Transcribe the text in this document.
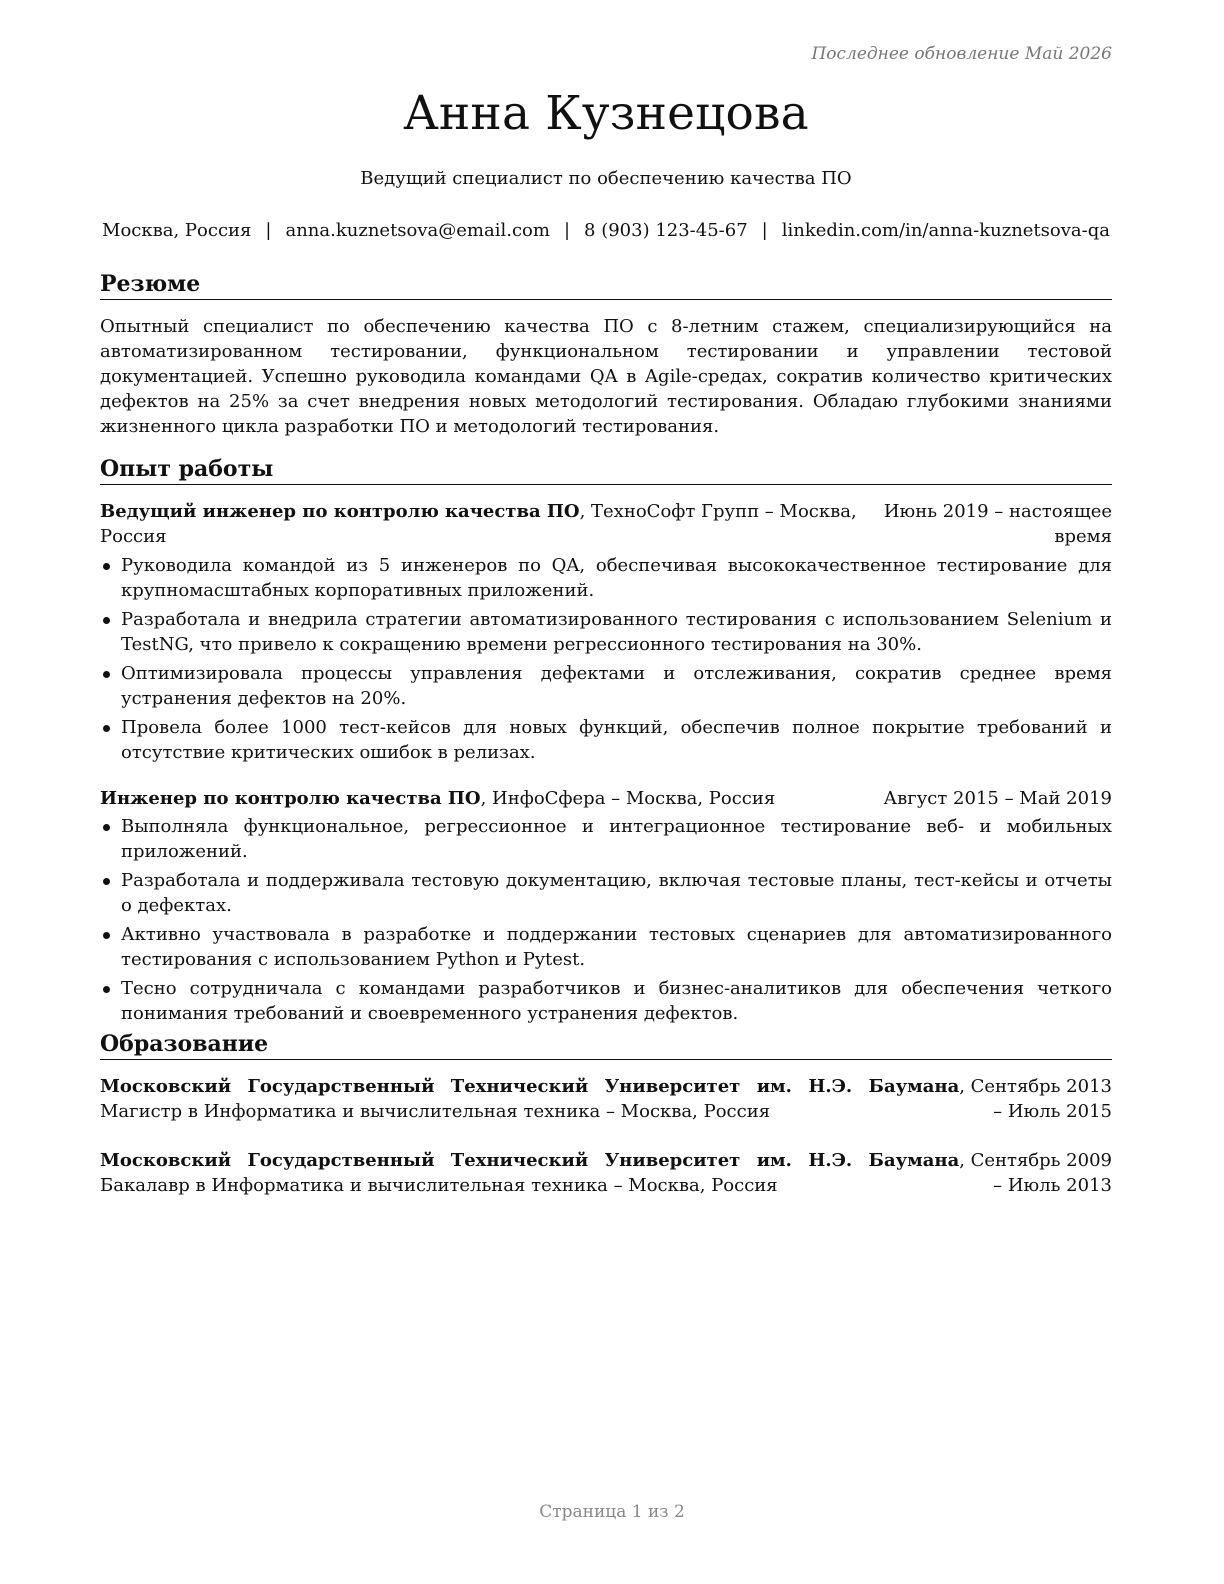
Последнее обновление Май 2026
Анна Кузнецова
Ведущий специалист по обеспечению качества ПО
Москва, Россия | anna.kuznetsova@email.com | 8 (903) 123-45-67 | linkedin.com/in/anna-kuznetsova-qa
Резюме

Опытный специалист по обеспечению качества ПО с 8-летним стажем, специализирующийся на автоматизированном тестировании, функциональном тестировании и управлении тестовой документацией. Успешно руководила командами QA в Agile-средах, сократив количество критических дефектов на 25% за счет внедрения новых методологий тестирования. Обладаю глубокими знаниями жизненного цикла разработки ПО и методологий тестирования.

Опыт работы
Ведущий инженер по контролю качества ПО, ТехноСофт Групп – Москва, Россия
Июнь 2019 – настоящее время
Руководила командой из 5 инженеров по QA, обеспечивая высококачественное тестирование для крупномасштабных корпоративных приложений.
Разработала и внедрила стратегии автоматизированного тестирования с использованием Selenium и TestNG, что привело к сокращению времени регрессионного тестирования на 30%.
Оптимизировала процессы управления дефектами и отслеживания, сократив среднее время устранения дефектов на 20%.
Провела более 1000 тест-кейсов для новых функций, обеспечив полное покрытие требований и отсутствие критических ошибок в релизах.
Инженер по контролю качества ПО, ИнфоСфера – Москва, Россия	Август 2015 – Май 2019
Выполняла функциональное, регрессионное и интеграционное тестирование веб- и мобильных приложений.
Разработала и поддерживала тестовую документацию, включая тестовые планы, тест-кейсы и отчеты о дефектах.
Активно участвовала в разработке и поддержании тестовых сценариев для автоматизированного тестирования с использованием Python и Pytest.
Тесно сотрудничала с командами разработчиков и бизнес-аналитиков для обеспечения четкого понимания требований и своевременного устранения дефектов.
Образование
Московский Государственный Технический Университет им. Н.Э. Баумана, Магистр в Информатика и вычислительная техника – Москва, Россия
Сентябрь 2013 – Июль 2015
Московский Государственный Технический Университет им. Н.Э. Баумана, Бакалавр в Информатика и вычислительная техника – Москва, Россия
Сентябрь 2009 – Июль 2013
Страница 1 из 2
